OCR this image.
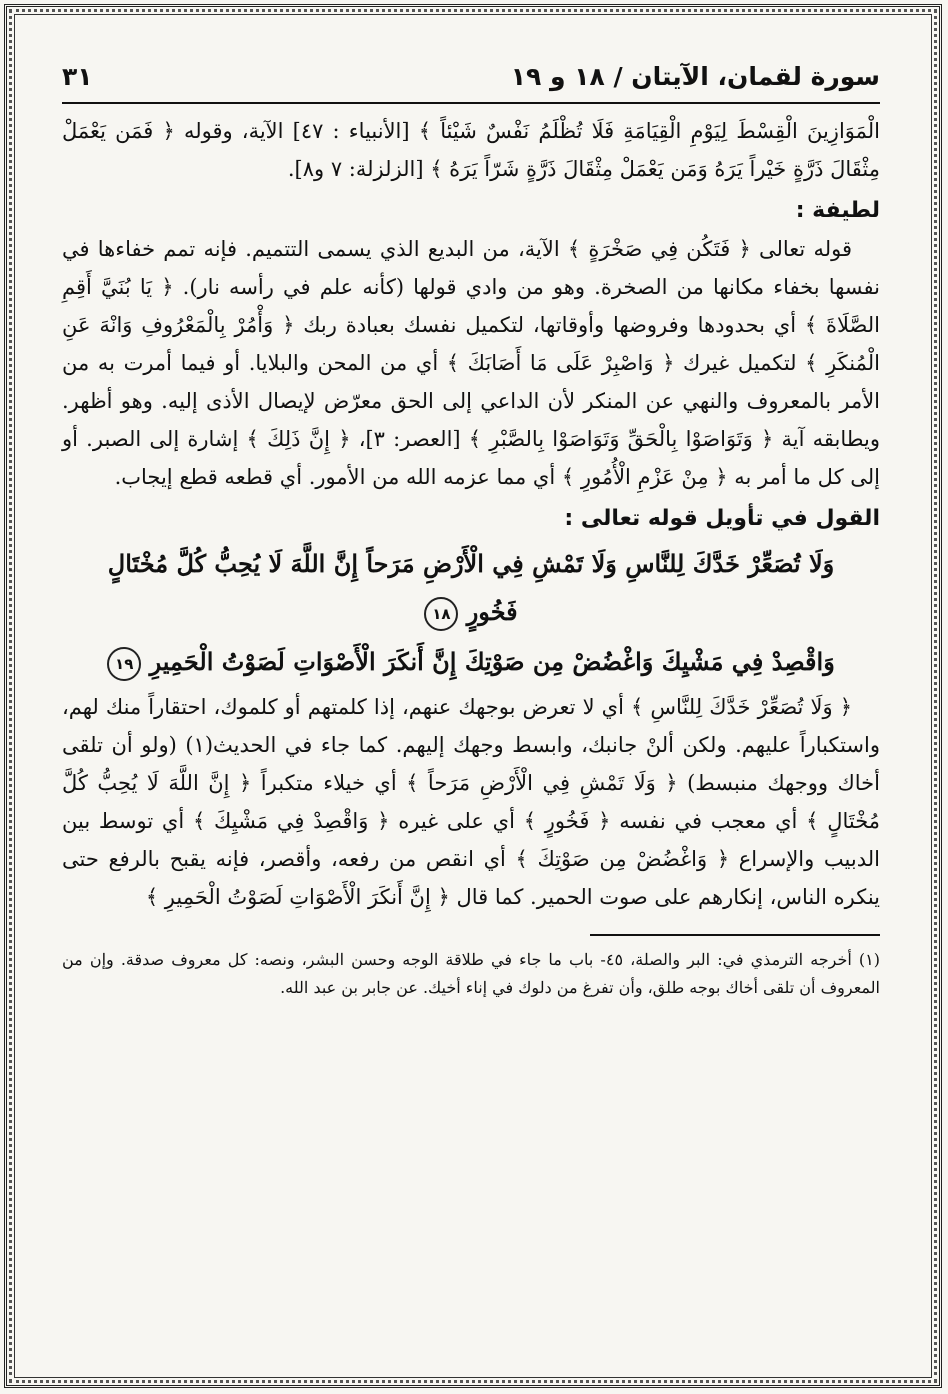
سورة لقمان، الآيتان / ١٨ و ١٩
٣١

الْمَوَازِينَ الْقِسْطَ لِيَوْمِ الْقِيَامَةِ فَلَا تُظْلَمُ نَفْسٌ شَيْئاً ﴾ [الأنبياء : ٤٧] الآية، وقوله ﴿ فَمَن يَعْمَلْ مِثْقَالَ ذَرَّةٍ خَيْراً يَرَهُ وَمَن يَعْمَلْ مِثْقَالَ ذَرَّةٍ شَرّاً يَرَهُ ﴾ [الزلزلة: ٧ و٨].

لطيفة :

قوله تعالى ﴿ فَتَكُن فِي صَخْرَةٍ ﴾ الآية، من البديع الذي يسمى التتميم. فإنه تمم خفاءها في نفسها بخفاء مكانها من الصخرة. وهو من وادي قولها (كأنه علم في رأسه نار). ﴿ يَا بُنَيَّ أَقِمِ الصَّلَاةَ ﴾ أي بحدودها وفروضها وأوقاتها، لتكميل نفسك بعبادة ربك ﴿ وَأْمُرْ بِالْمَعْرُوفِ وَانْهَ عَنِ الْمُنكَرِ ﴾ لتكميل غيرك ﴿ وَاصْبِرْ عَلَى مَا أَصَابَكَ ﴾ أي من المحن والبلايا. أو فيما أمرت به من الأمر بالمعروف والنهي عن المنكر لأن الداعي إلى الحق معرّض لإيصال الأذى إليه. وهو أظهر. ويطابقه آية ﴿ وَتَوَاصَوْا بِالْحَقِّ وَتَوَاصَوْا بِالصَّبْرِ ﴾ [العصر: ٣]، ﴿ إِنَّ ذَلِكَ ﴾ إشارة إلى الصبر. أو إلى كل ما أمر به ﴿ مِنْ عَزْمِ الْأُمُورِ ﴾ أي مما عزمه الله من الأمور. أي قطعه قطع إيجاب.

القول في تأويل قوله تعالى :
وَلَا تُصَعِّرْ خَدَّكَ لِلنَّاسِ وَلَا تَمْشِ فِي الْأَرْضِ مَرَحاً إِنَّ اللَّهَ لَا يُحِبُّ كُلَّ مُخْتَالٍ فَخُورٍ ١٨
وَاقْصِدْ فِي مَشْيِكَ وَاغْضُضْ مِن صَوْتِكَ إِنَّ أَنكَرَ الْأَصْوَاتِ لَصَوْتُ الْحَمِيرِ ١٩

﴿ وَلَا تُصَعِّرْ خَدَّكَ لِلنَّاسِ ﴾ أي لا تعرض بوجهك عنهم، إذا كلمتهم أو كلموك، احتقاراً منك لهم، واستكباراً عليهم. ولكن ألنْ جانبك، وابسط وجهك إليهم. كما جاء في الحديث(١) (ولو أن تلقى أخاك ووجهك منبسط) ﴿ وَلَا تَمْشِ فِي الْأَرْضِ مَرَحاً ﴾ أي خيلاء متكبراً ﴿ إِنَّ اللَّهَ لَا يُحِبُّ كُلَّ مُخْتَالٍ ﴾ أي معجب في نفسه ﴿ فَخُورٍ ﴾ أي على غيره ﴿ وَاقْصِدْ فِي مَشْيِكَ ﴾ أي توسط بين الدبيب والإسراع ﴿ وَاغْضُضْ مِن صَوْتِكَ ﴾ أي انقص من رفعه، وأقصر، فإنه يقبح بالرفع حتى ينكره الناس، إنكارهم على صوت الحمير. كما قال ﴿ إِنَّ أَنكَرَ الْأَصْوَاتِ لَصَوْتُ الْحَمِيرِ ﴾

(١) أخرجه الترمذي في: البر والصلة، ٤٥- باب ما جاء في طلاقة الوجه وحسن البشر، ونصه: كل معروف صدقة. وإن من المعروف أن تلقى أخاك بوجه طلق، وأن تفرغ من دلوك في إناء أخيك. عن جابر بن عبد الله.
